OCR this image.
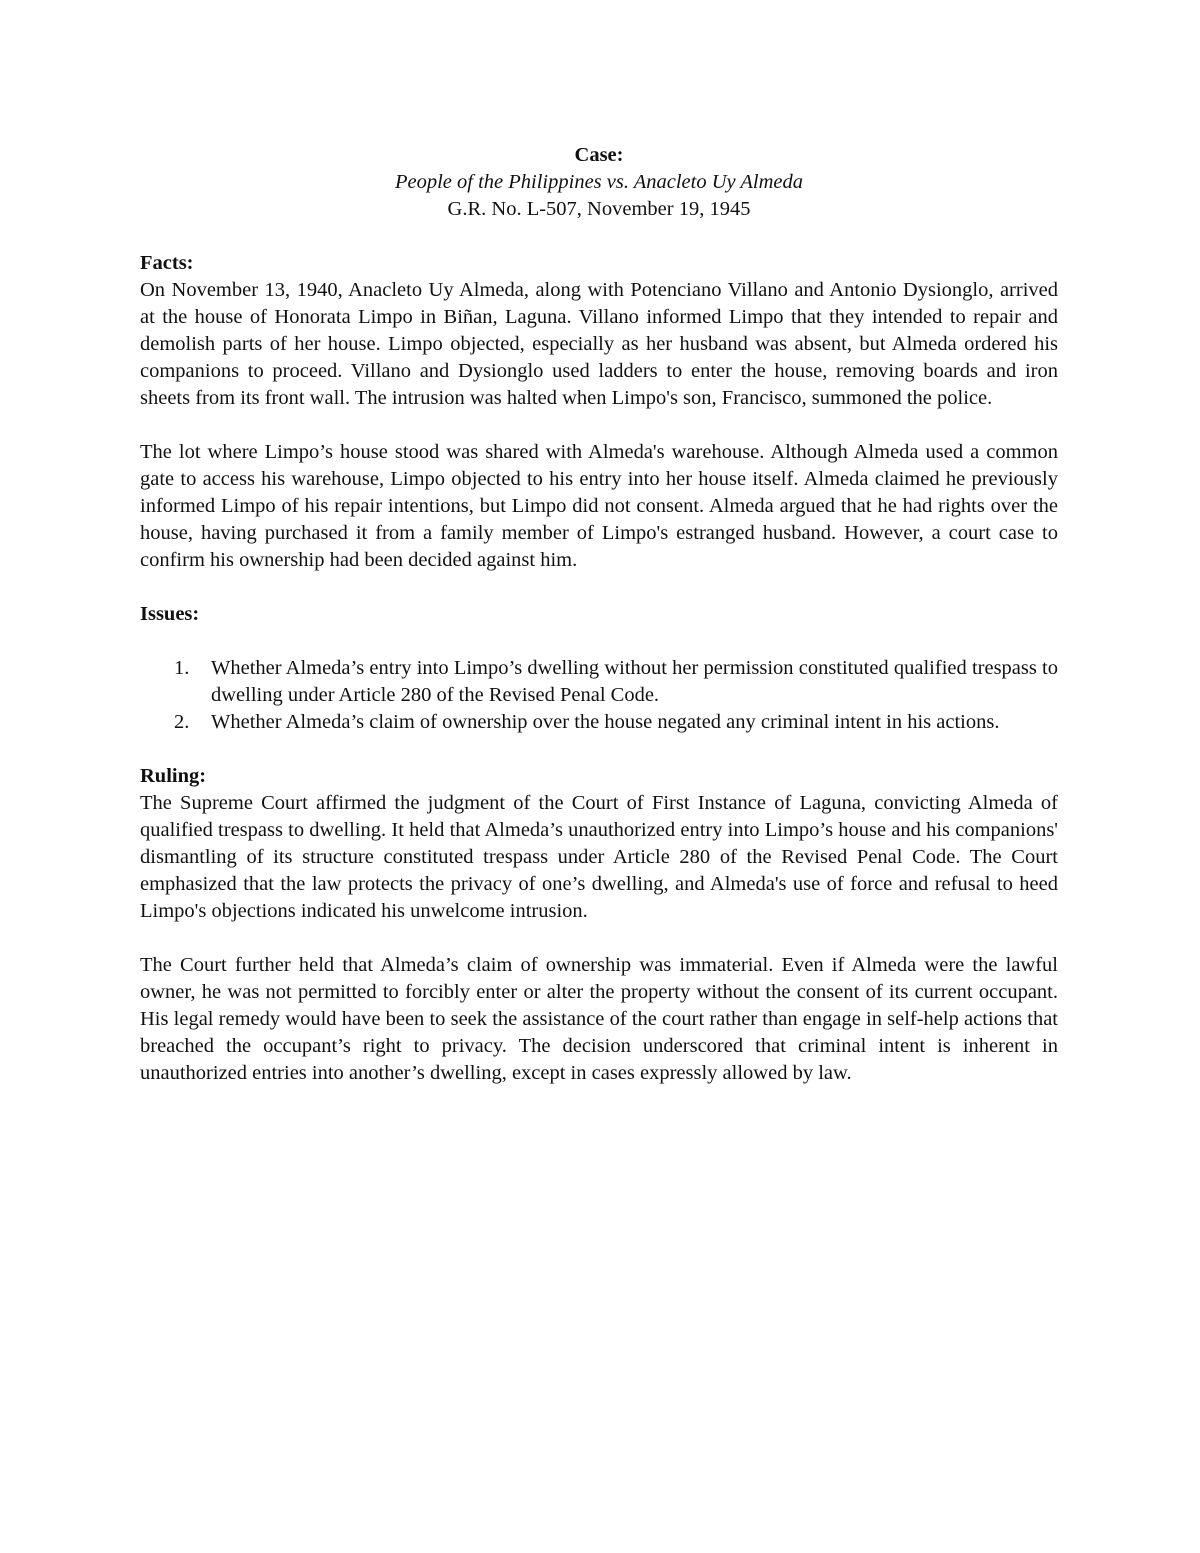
Case:

People of the Philippines vs. Anacleto Uy Almeda

G.R. No. L-507, November 19, 1945

Facts:

On November 13, 1940, Anacleto Uy Almeda, along with Potenciano Villano and Antonio Dysionglo, arrived at the house of Honorata Limpo in Biñan, Laguna. Villano informed Limpo that they intended to repair and demolish parts of her house. Limpo objected, especially as her husband was absent, but Almeda ordered his companions to proceed. Villano and Dysionglo used ladders to enter the house, removing boards and iron sheets from its front wall. The intrusion was halted when Limpo's son, Francisco, summoned the police.

The lot where Limpo’s house stood was shared with Almeda's warehouse. Although Almeda used a common gate to access his warehouse, Limpo objected to his entry into her house itself. Almeda claimed he previously informed Limpo of his repair intentions, but Limpo did not consent. Almeda argued that he had rights over the house, having purchased it from a family member of Limpo's estranged husband. However, a court case to confirm his ownership had been decided against him.

Issues:

1. Whether Almeda’s entry into Limpo’s dwelling without her permission constituted qualified trespass to dwelling under Article 280 of the Revised Penal Code.
2. Whether Almeda’s claim of ownership over the house negated any criminal intent in his actions.

Ruling:

The Supreme Court affirmed the judgment of the Court of First Instance of Laguna, convicting Almeda of qualified trespass to dwelling. It held that Almeda’s unauthorized entry into Limpo’s house and his companions' dismantling of its structure constituted trespass under Article 280 of the Revised Penal Code. The Court emphasized that the law protects the privacy of one’s dwelling, and Almeda's use of force and refusal to heed Limpo's objections indicated his unwelcome intrusion.

The Court further held that Almeda’s claim of ownership was immaterial. Even if Almeda were the lawful owner, he was not permitted to forcibly enter or alter the property without the consent of its current occupant. His legal remedy would have been to seek the assistance of the court rather than engage in self-help actions that breached the occupant’s right to privacy. The decision underscored that criminal intent is inherent in unauthorized entries into another’s dwelling, except in cases expressly allowed by law.
